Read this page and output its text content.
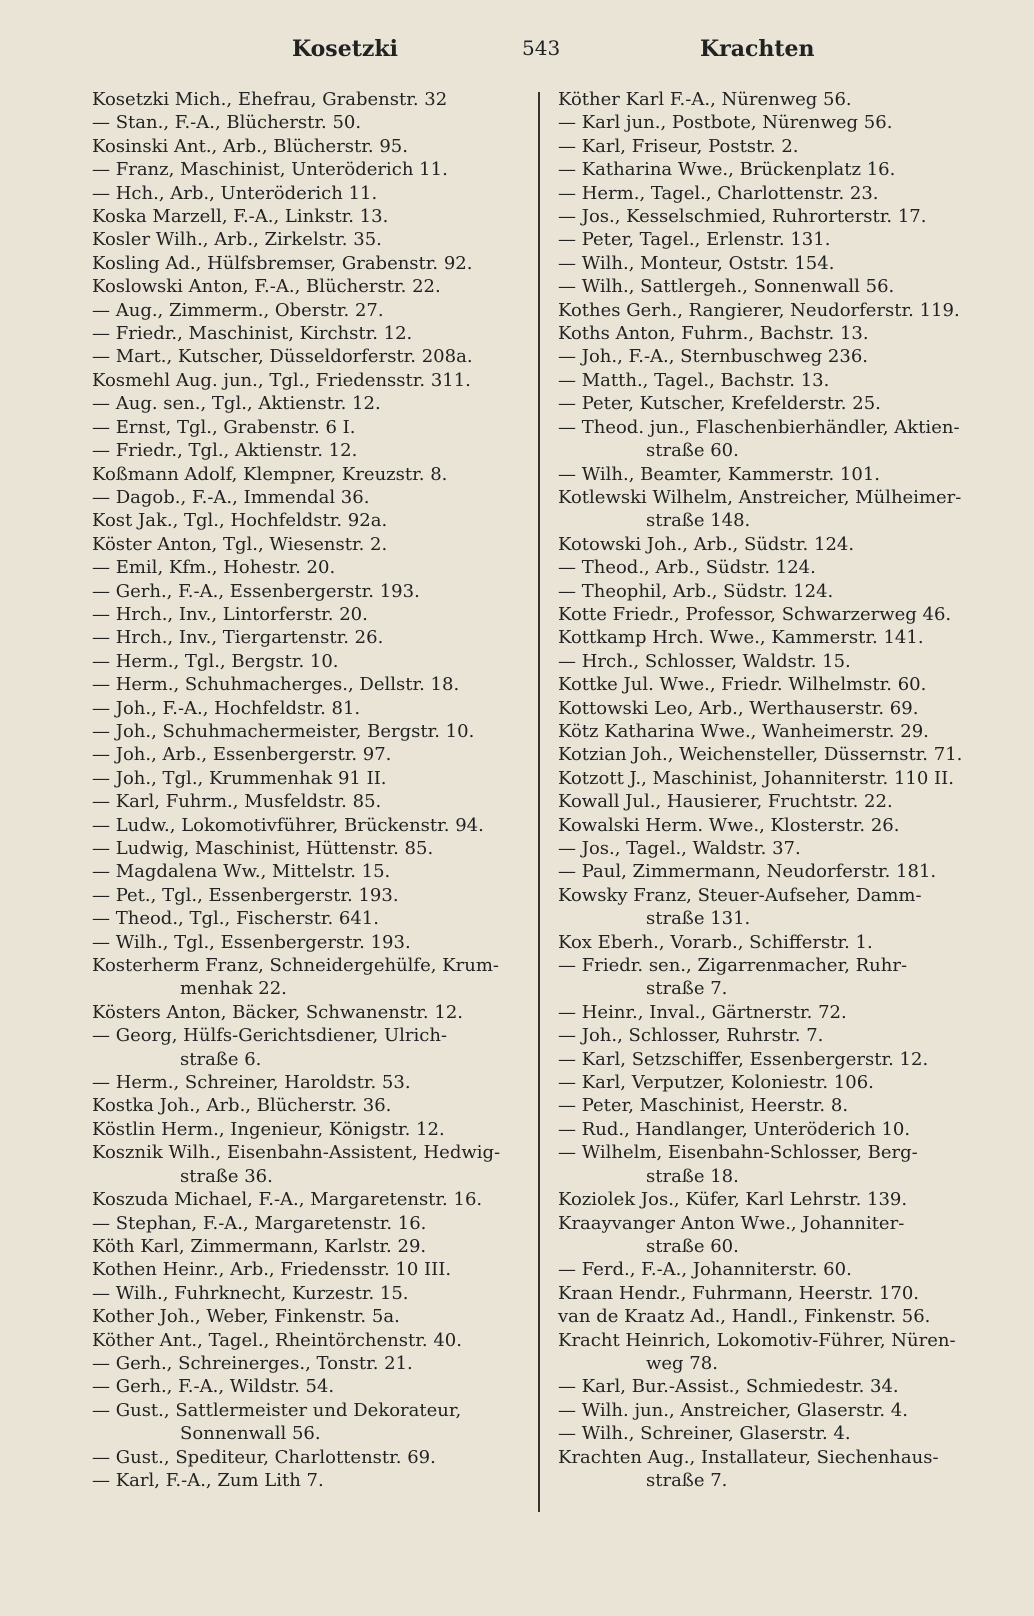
Kosetzki	543	Krachten
Kosetzki Mich., Ehefrau, Grabenstr. 32
— Stan., F.-A., Blücherstr. 50.
Kosinski Ant., Arb., Blücherstr. 95.
— Franz, Maschinist, Unteröderich 11.
— Hch., Arb., Unteröderich 11.
Koska Marzell, F.-A., Linkstr. 13.
Kosler Wilh., Arb., Zirkelstr. 35.
Kosling Ad., Hülfsbremser, Grabenstr. 92.
Koslowski Anton, F.-A., Blücherstr. 22.
— Aug., Zimmerm., Oberstr. 27.
— Friedr., Maschinist, Kirchstr. 12.
— Mart., Kutscher, Düsseldorferstr. 208a.
Kosmehl Aug. jun., Tgl., Friedensstr. 311.
— Aug. sen., Tgl., Aktienstr. 12.
— Ernst, Tgl., Grabenstr. 6 I.
— Friedr., Tgl., Aktienstr. 12.
Koßmann Adolf, Klempner, Kreuzstr. 8.
— Dagob., F.-A., Immendal 36.
Kost Jak., Tgl., Hochfeldstr. 92a.
Köster Anton, Tgl., Wiesenstr. 2.
— Emil, Kfm., Hohestr. 20.
— Gerh., F.-A., Essenbergerstr. 193.
— Hrch., Inv., Lintorferstr. 20.
— Hrch., Inv., Tiergartenstr. 26.
— Herm., Tgl., Bergstr. 10.
— Herm., Schuhmacherges., Dellstr. 18.
— Joh., F.-A., Hochfeldstr. 81.
— Joh., Schuhmachermeister, Bergstr. 10.
— Joh., Arb., Essenbergerstr. 97.
— Joh., Tgl., Krummenhak 91 II.
— Karl, Fuhrm., Musfeldstr. 85.
— Ludw., Lokomotivführer, Brückenstr. 94.
— Ludwig, Maschinist, Hüttenstr. 85.
— Magdalena Ww., Mittelstr. 15.
— Pet., Tgl., Essenbergerstr. 193.
— Theod., Tgl., Fischerstr. 641.
— Wilh., Tgl., Essenbergerstr. 193.
Kosterherm Franz, Schneidergehülfe, Krum-
menhak 22.
Kösters Anton, Bäcker, Schwanenstr. 12.
— Georg, Hülfs-Gerichtsdiener, Ulrich-
straße 6.
— Herm., Schreiner, Haroldstr. 53.
Kostka Joh., Arb., Blücherstr. 36.
Köstlin Herm., Ingenieur, Königstr. 12.
Kosznik Wilh., Eisenbahn-Assistent, Hedwig-
straße 36.
Koszuda Michael, F.-A., Margaretenstr. 16.
— Stephan, F.-A., Margaretenstr. 16.
Köth Karl, Zimmermann, Karlstr. 29.
Kothen Heinr., Arb., Friedensstr. 10 III.
— Wilh., Fuhrknecht, Kurzestr. 15.
Kother Joh., Weber, Finkenstr. 5a.
Köther Ant., Tagel., Rheintörchenstr. 40.
— Gerh., Schreinerges., Tonstr. 21.
— Gerh., F.-A., Wildstr. 54.
— Gust., Sattlermeister und Dekorateur,
Sonnenwall 56.
— Gust., Spediteur, Charlottenstr. 69.
— Karl, F.-A., Zum Lith 7.
Köther Karl F.-A., Nürenweg 56.
— Karl jun., Postbote, Nürenweg 56.
— Karl, Friseur, Poststr. 2.
— Katharina Wwe., Brückenplatz 16.
— Herm., Tagel., Charlottenstr. 23.
— Jos., Kesselschmied, Ruhrorterstr. 17.
— Peter, Tagel., Erlenstr. 131.
— Wilh., Monteur, Oststr. 154.
— Wilh., Sattlergeh., Sonnenwall 56.
Kothes Gerh., Rangierer, Neudorferstr. 119.
Koths Anton, Fuhrm., Bachstr. 13.
— Joh., F.-A., Sternbuschweg 236.
— Matth., Tagel., Bachstr. 13.
— Peter, Kutscher, Krefelderstr. 25.
— Theod. jun., Flaschenbierhändler, Aktien-
straße 60.
— Wilh., Beamter, Kammerstr. 101.
Kotlewski Wilhelm, Anstreicher, Mülheimer-
straße 148.
Kotowski Joh., Arb., Südstr. 124.
— Theod., Arb., Südstr. 124.
— Theophil, Arb., Südstr. 124.
Kotte Friedr., Professor, Schwarzerweg 46.
Kottkamp Hrch. Wwe., Kammerstr. 141.
— Hrch., Schlosser, Waldstr. 15.
Kottke Jul. Wwe., Friedr. Wilhelmstr. 60.
Kottowski Leo, Arb., Werthauserstr. 69.
Kötz Katharina Wwe., Wanheimerstr. 29.
Kotzian Joh., Weichensteller, Düssernstr. 71.
Kotzott J., Maschinist, Johanniterstr. 110 II.
Kowall Jul., Hausierer, Fruchtstr. 22.
Kowalski Herm. Wwe., Klosterstr. 26.
— Jos., Tagel., Waldstr. 37.
— Paul, Zimmermann, Neudorferstr. 181.
Kowsky Franz, Steuer-Aufseher, Damm-
straße 131.
Kox Eberh., Vorarb., Schifferstr. 1.
— Friedr. sen., Zigarrenmacher, Ruhr-
straße 7.
— Heinr., Inval., Gärtnerstr. 72.
— Joh., Schlosser, Ruhrstr. 7.
— Karl, Setzschiffer, Essenbergerstr. 12.
— Karl, Verputzer, Koloniestr. 106.
— Peter, Maschinist, Heerstr. 8.
— Rud., Handlanger, Unteröderich 10.
— Wilhelm, Eisenbahn-Schlosser, Berg-
straße 18.
Koziolek Jos., Küfer, Karl Lehrstr. 139.
Kraayvanger Anton Wwe., Johanniter-
straße 60.
— Ferd., F.-A., Johanniterstr. 60.
Kraan Hendr., Fuhrmann, Heerstr. 170.
van de Kraatz Ad., Handl., Finkenstr. 56.
Kracht Heinrich, Lokomotiv-Führer, Nüren-
weg 78.
— Karl, Bur.-Assist., Schmiedestr. 34.
— Wilh. jun., Anstreicher, Glaserstr. 4.
— Wilh., Schreiner, Glaserstr. 4.
Krachten Aug., Installateur, Siechenhaus-
straße 7.
